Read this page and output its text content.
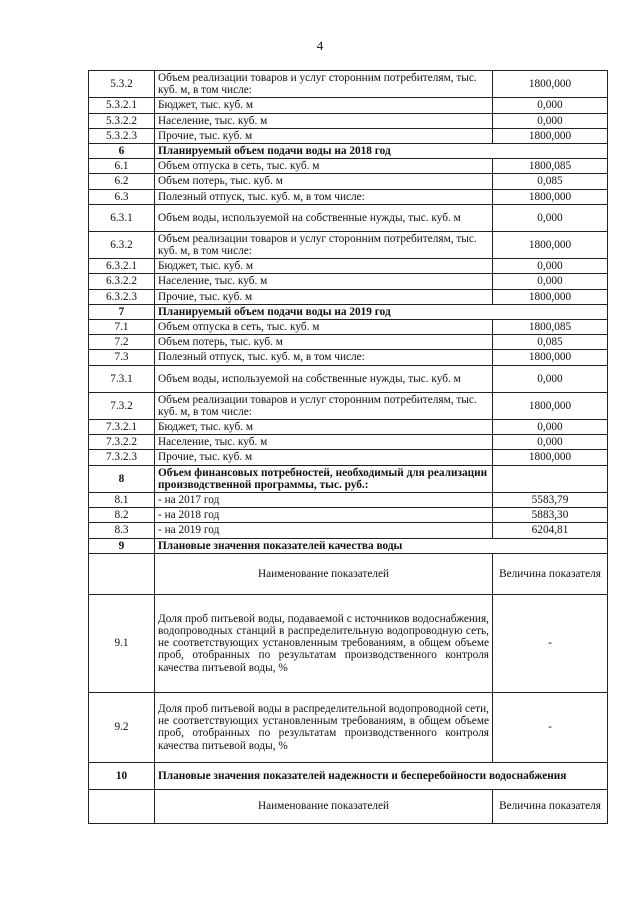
4
5.3.2	Объем реализации товаров и услуг сторонним потребителям, тыс. куб. м, в том числе:	1800,000
5.3.2.1	Бюджет, тыс. куб. м	0,000
5.3.2.2	Население, тыс. куб. м	0,000
5.3.2.3	Прочие, тыс. куб. м	1800,000
6	Планируемый объем подачи воды на 2018 год	
6.1	Объем отпуска в сеть, тыс. куб. м	1800,085
6.2	Объем потерь, тыс. куб. м	0,085
6.3	Полезный отпуск, тыс. куб. м, в том числе:	1800,000
6.3.1	Объем воды, используемой на собственные нужды, тыс. куб. м	0,000
6.3.2	Объем реализации товаров и услуг сторонним потребителям, тыс. куб. м, в том числе:	1800,000
6.3.2.1	Бюджет, тыс. куб. м	0,000
6.3.2.2	Население, тыс. куб. м	0,000
6.3.2.3	Прочие, тыс. куб. м	1800,000
7	Планируемый объем подачи воды на 2019 год	
7.1	Объем отпуска в сеть, тыс. куб. м	1800,085
7.2	Объем потерь, тыс. куб. м	0,085
7.3	Полезный отпуск, тыс. куб. м, в том числе:	1800,000
7.3.1	Объем воды, используемой на собственные нужды, тыс. куб. м	0,000
7.3.2	Объем реализации товаров и услуг сторонним потребителям, тыс. куб. м, в том числе:	1800,000
7.3.2.1	Бюджет, тыс. куб. м	0,000
7.3.2.2	Население, тыс. куб. м	0,000
7.3.2.3	Прочие, тыс. куб. м	1800,000
8	Объем финансовых потребностей, необходимый для реализации производственной программы, тыс. руб.:	
8.1	- на 2017 год	5583,79
8.2	- на 2018 год	5883,30
8.3	- на 2019 год	6204,81
9	Плановые значения показателей качества воды	
	Наименование показателей	Величина показателя
9.1	Доля проб питьевой воды, подаваемой с источников водоснабжения, водопроводных станций в распределительную водопроводную сеть, не соответствующих установленным требованиям, в общем объеме проб, отобранных по результатам производственного контроля качества питьевой воды, %	-
9.2	Доля проб питьевой воды в распределительной водопроводной сети, не соответствующих установленным требованиям, в общем объеме проб, отобранных по результатам производственного контроля качества питьевой воды, %	-
10	Плановые значения показателей надежности и бесперебойности водоснабжения	
	Наименование показателей	Величина показателя
